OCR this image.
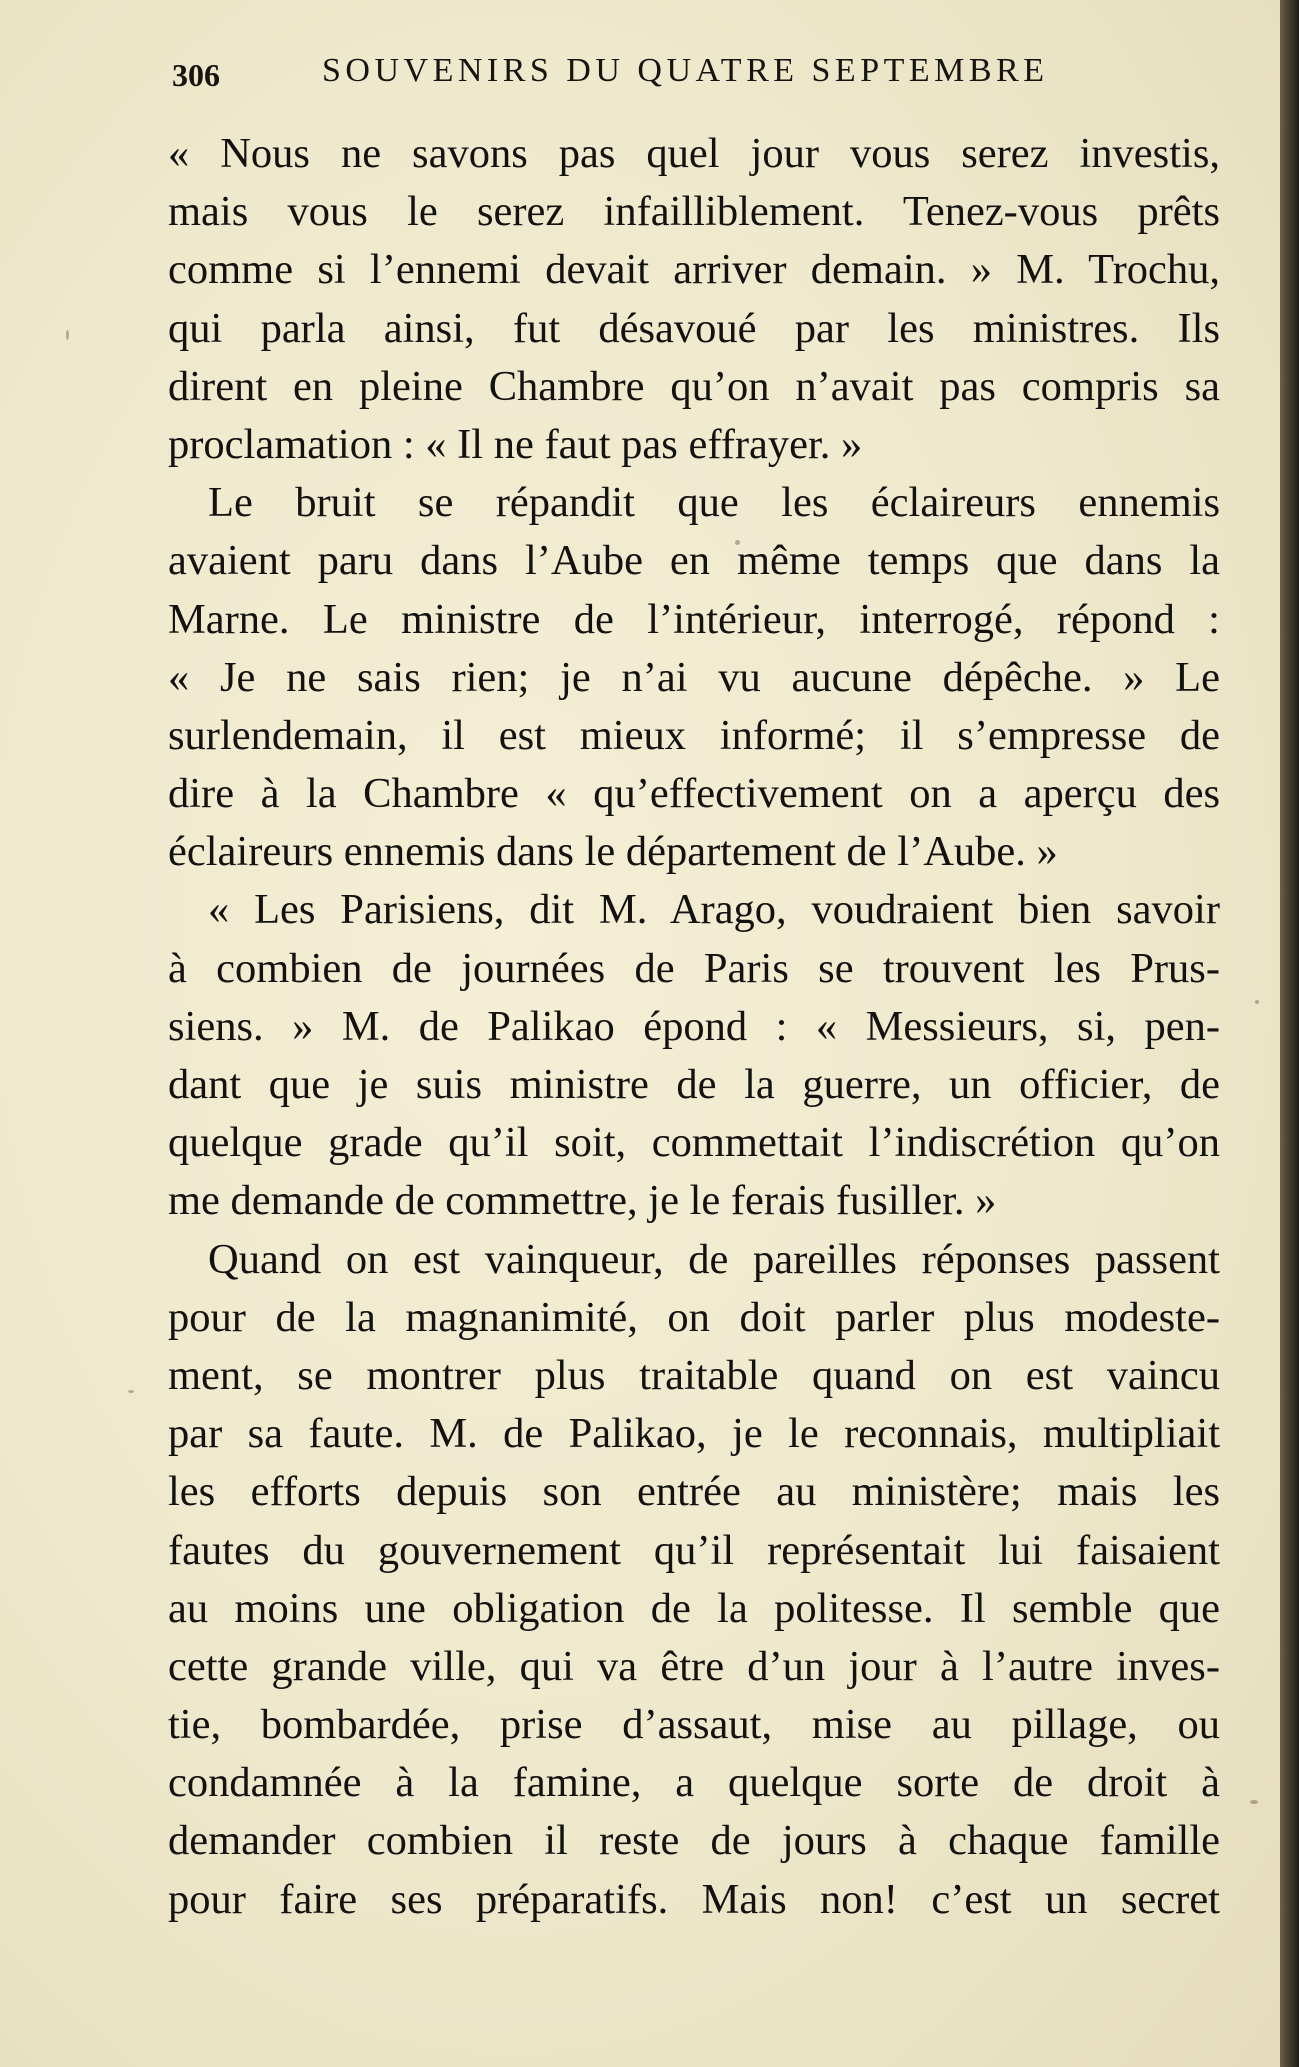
306	SOUVENIRS DU QUATRE SEPTEMBRE
« Nous ne savons pas quel jour vous serez investis,
mais vous le serez infailliblement. Tenez-vous prêts
comme si l’ennemi devait arriver demain. » M. Trochu,
qui parla ainsi, fut désavoué par les ministres. Ils
dirent en pleine Chambre qu’on n’avait pas compris sa
proclamation : « Il ne faut pas effrayer. »
Le bruit se répandit que les éclaireurs ennemis
avaient paru dans l’Aube en même temps que dans la
Marne. Le ministre de l’intérieur, interrogé, répond :
« Je ne sais rien; je n’ai vu aucune dépêche. » Le
surlendemain, il est mieux informé; il s’empresse de
dire à la Chambre « qu’effectivement on a aperçu des
éclaireurs ennemis dans le département de l’Aube. »
« Les Parisiens, dit M. Arago, voudraient bien savoir
à combien de journées de Paris se trouvent les Prus-
siens. » M. de Palikao épond : « Messieurs, si, pen-
dant que je suis ministre de la guerre, un officier, de
quelque grade qu’il soit, commettait l’indiscrétion qu’on
me demande de commettre, je le ferais fusiller. »
Quand on est vainqueur, de pareilles réponses passent
pour de la magnanimité, on doit parler plus modeste-
ment, se montrer plus traitable quand on est vaincu
par sa faute. M. de Palikao, je le reconnais, multipliait
les efforts depuis son entrée au ministère; mais les
fautes du gouvernement qu’il représentait lui faisaient
au moins une obligation de la politesse. Il semble que
cette grande ville, qui va être d’un jour à l’autre inves-
tie, bombardée, prise d’assaut, mise au pillage, ou
condamnée à la famine, a quelque sorte de droit à
demander combien il reste de jours à chaque famille
pour faire ses préparatifs. Mais non! c’est un secret
